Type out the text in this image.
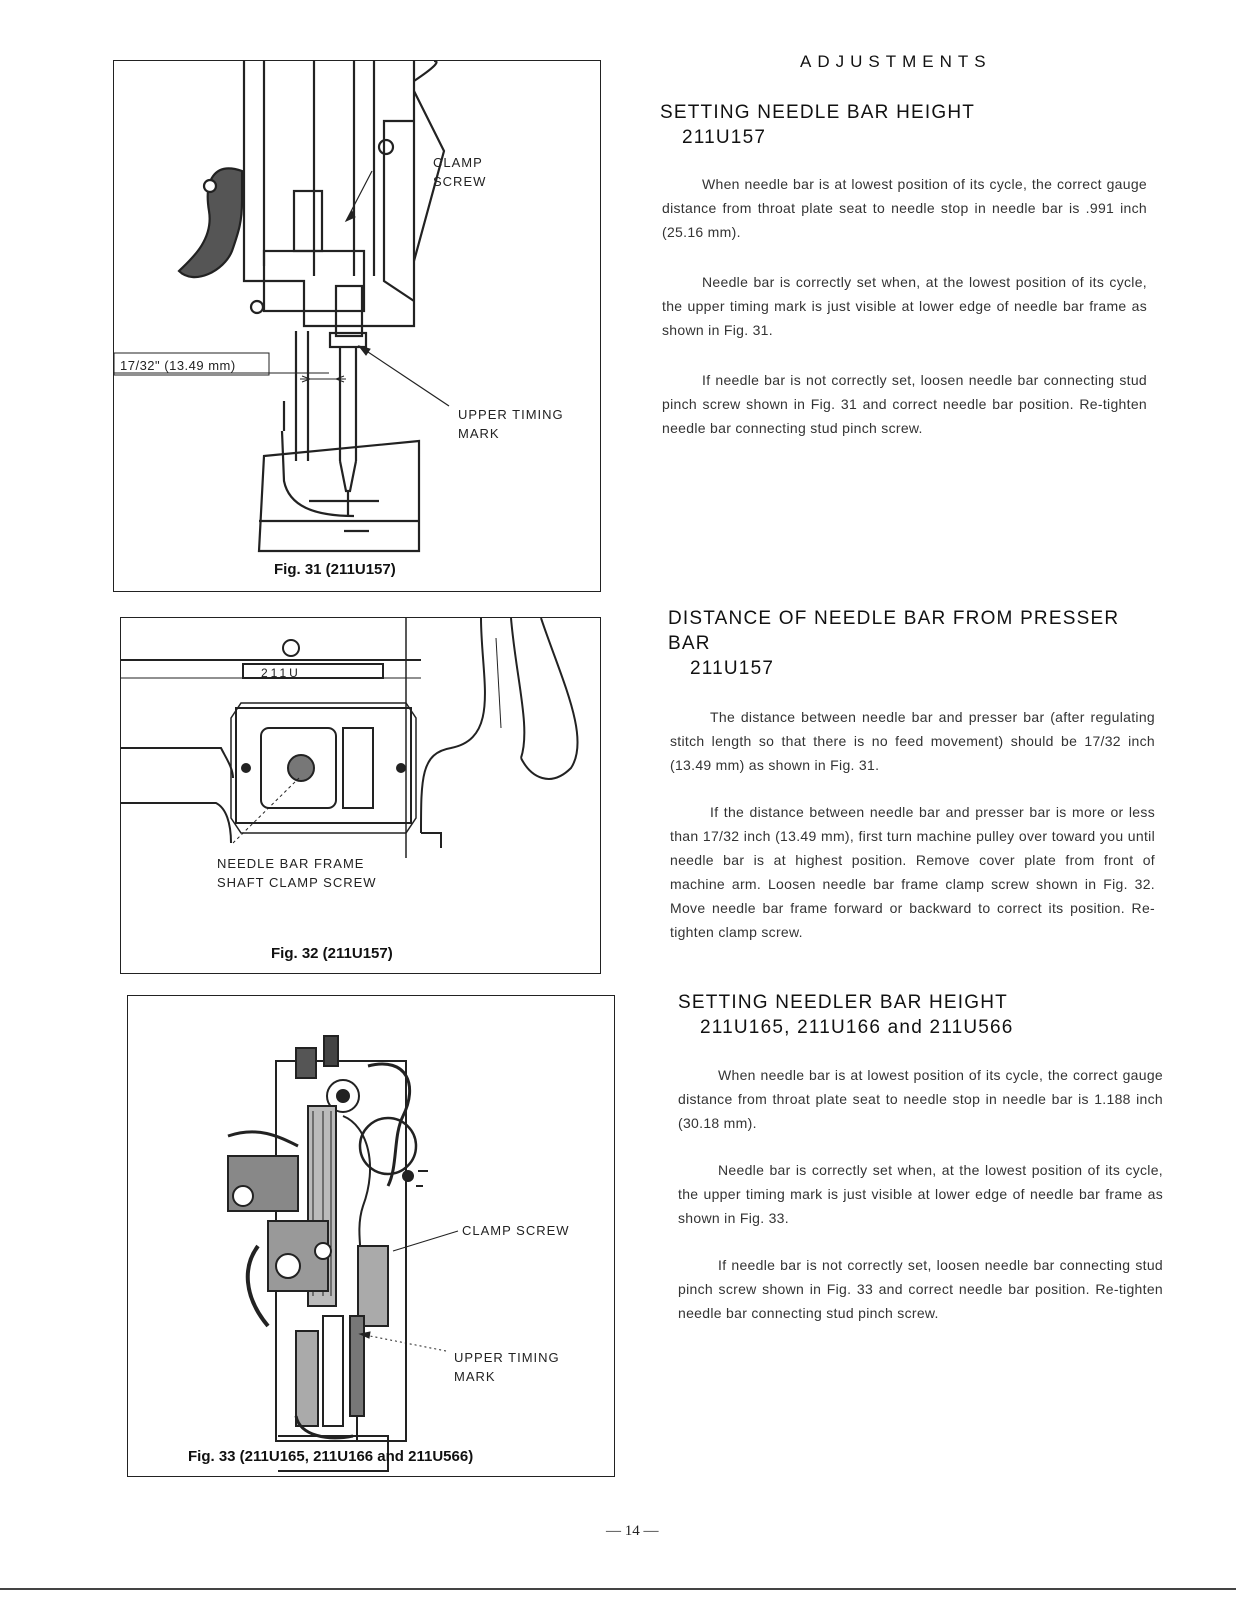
CLAMP
SCREW
17/32" (13.49 mm)
UPPER TIMING
MARK
Fig. 31 (211U157)
211U
NEEDLE BAR FRAME
SHAFT CLAMP SCREW
Fig. 32 (211U157)
CLAMP SCREW
UPPER TIMING
MARK
Fig. 33 (211U165, 211U166 and 211U566)
ADJUSTMENTS
SETTING NEEDLE BAR HEIGHT
211U157
When needle bar is at lowest position of its cycle, the correct gauge distance from throat plate seat to needle stop in needle bar is .991 inch (25.16 mm).
Needle bar is correctly set when, at the lowest position of its cycle, the upper timing mark is just visible at lower edge of needle bar frame as shown in Fig. 31.
If needle bar is not correctly set, loosen needle bar connecting stud pinch screw shown in Fig. 31 and correct needle bar position. Re-tighten needle bar connecting stud pinch screw.
DISTANCE OF NEEDLE BAR FROM PRESSER BAR
211U157
The distance between needle bar and presser bar (after regulating stitch length so that there is no feed movement) should be 17/32 inch (13.49 mm) as shown in Fig. 31.
If the distance between needle bar and presser bar is more or less than 17/32 inch (13.49 mm), first turn machine pulley over toward you until needle bar is at highest position. Remove cover plate from front of machine arm. Loosen needle bar frame clamp screw shown in Fig. 32. Move needle bar frame forward or backward to correct its position. Re-tighten clamp screw.
SETTING NEEDLER BAR HEIGHT
211U165, 211U166 and 211U566
When needle bar is at lowest position of its cycle, the correct gauge distance from throat plate seat to needle stop in needle bar is 1.188 inch (30.18 mm).
Needle bar is correctly set when, at the lowest position of its cycle, the upper timing mark is just visible at lower edge of needle bar frame as shown in Fig. 33.
If needle bar is not correctly set, loosen needle bar connecting stud pinch screw shown in Fig. 33 and correct needle bar position. Re-tighten needle bar connecting stud pinch screw.
— 14 —
